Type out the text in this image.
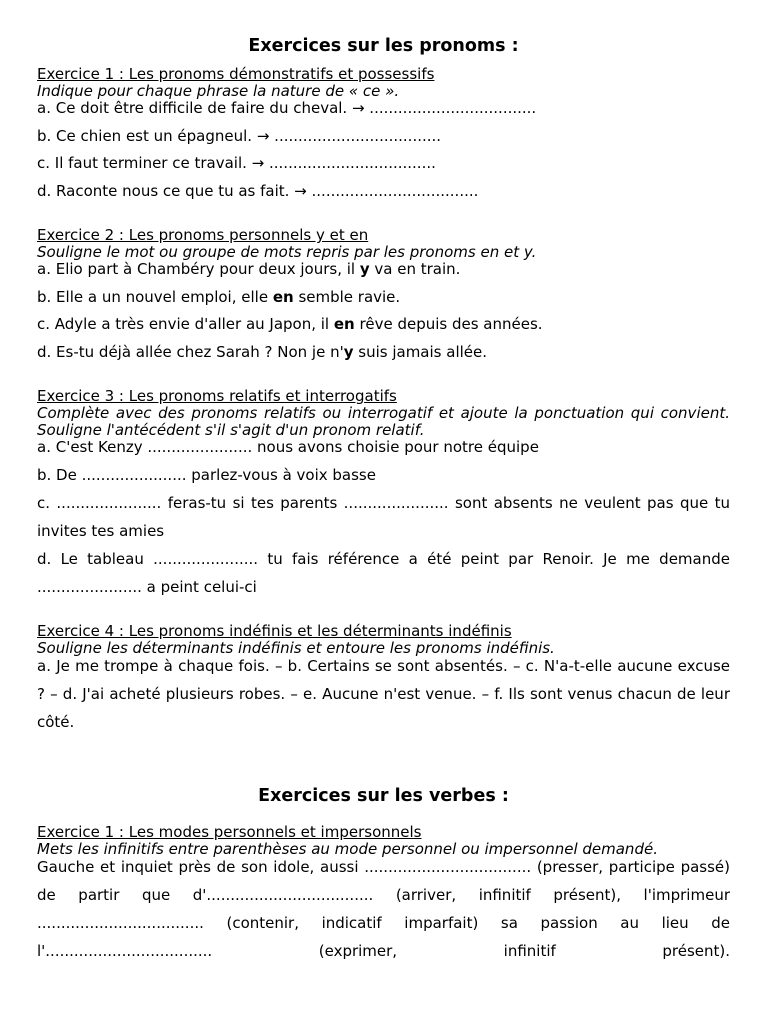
Exercices sur les pronoms :
Exercice 1 : Les pronoms démonstratifs et possessifs
Indique pour chaque phrase la nature de « ce ».
a. Ce doit être difficile de faire du cheval. → ...................................
b. Ce chien est un épagneul. → ...................................
c. Il faut terminer ce travail. → ...................................
d. Raconte nous ce que tu as fait. → ...................................
Exercice 2 : Les pronoms personnels y et en
Souligne le mot ou groupe de mots repris par les pronoms en et y.
a. Elio part à Chambéry pour deux jours, il y va en train.
b. Elle a un nouvel emploi, elle en semble ravie.
c. Adyle a très envie d'aller au Japon, il en rêve depuis des années.
d. Es-tu déjà allée chez Sarah ? Non je n'y suis jamais allée.
Exercice 3 : Les pronoms relatifs et interrogatifs
Complète avec des pronoms relatifs ou interrogatif et ajoute la ponctuation qui convient. Souligne l'antécédent s'il s'agit d'un pronom relatif.
a. C'est Kenzy ...................... nous avons choisie pour notre équipe
b. De ...................... parlez-vous à voix basse
c. ...................... feras-tu si tes parents ...................... sont absents ne veulent pas que tu invites tes amies
d. Le tableau ...................... tu fais référence a été peint par Renoir. Je me demande ...................... a peint celui-ci
Exercice 4 : Les pronoms indéfinis et les déterminants indéfinis
Souligne les déterminants indéfinis et entoure les pronoms indéfinis.
a. Je me trompe à chaque fois. – b. Certains se sont absentés. – c. N'a-t-elle aucune excuse ? – d. J'ai acheté plusieurs robes. – e. Aucune n'est venue. – f. Ils sont venus chacun de leur côté.
Exercices sur les verbes :
Exercice 1 : Les modes personnels et impersonnels
Mets les infinitifs entre parenthèses au mode personnel ou impersonnel demandé.
Gauche et inquiet près de son idole, aussi ................................... (presser, participe passé) de partir que d'................................... (arriver, infinitif présent), l'imprimeur ................................... (contenir, indicatif imparfait) sa passion au lieu de l'................................... (exprimer, infinitif présent).
